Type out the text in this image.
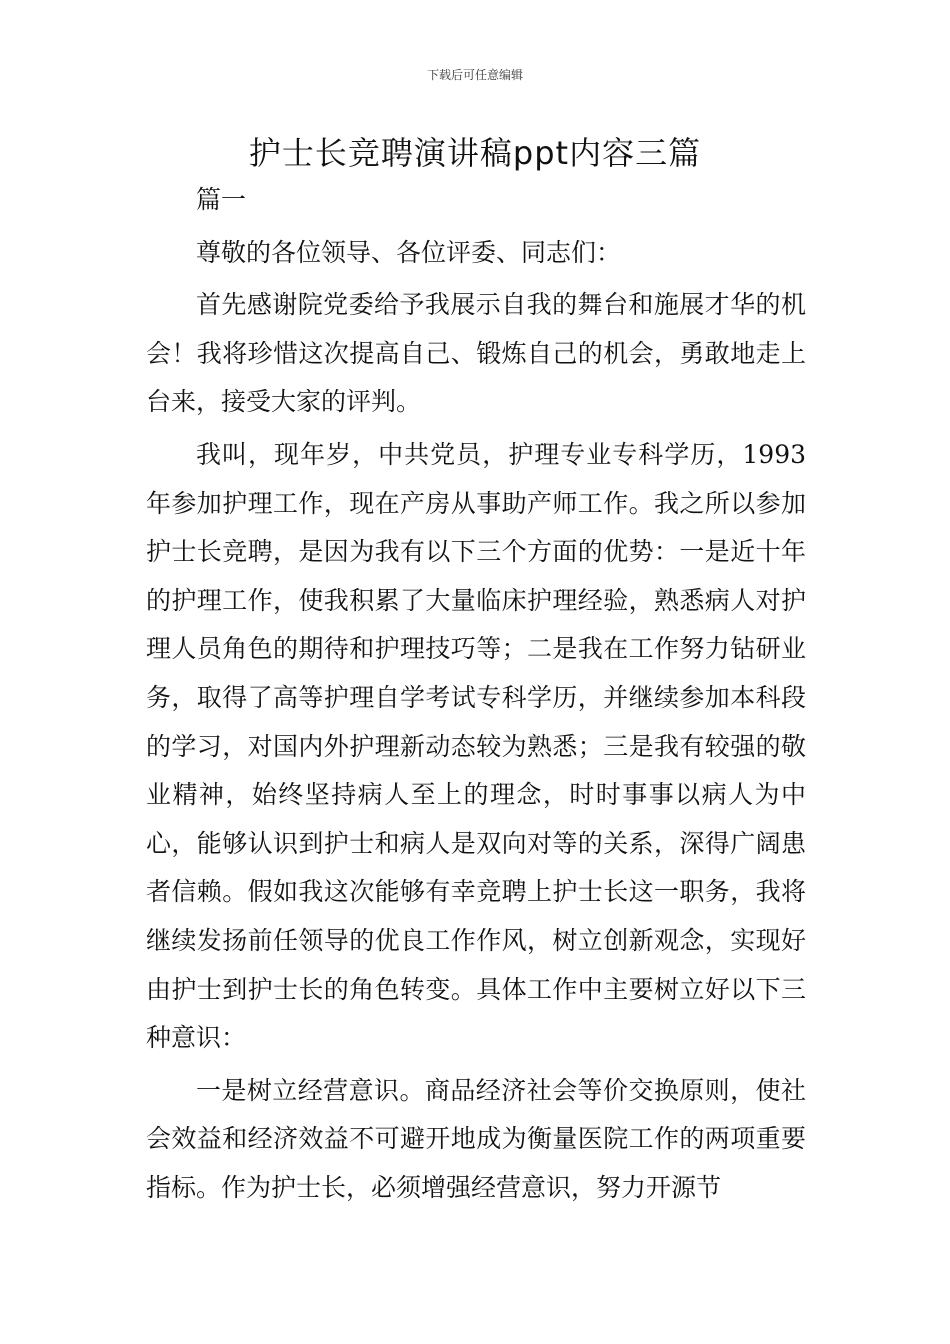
下载后可任意编辑
护士长竞聘演讲稿ppt内容三篇

篇一

尊敬的各位领导、各位评委、同志们：

首先感谢院党委给予我展示自我的舞台和施展才华的机会！我将珍惜这次提高自己、锻炼自己的机会，勇敢地走上台来，接受大家的评判。

我叫，现年岁，中共党员，护理专业专科学历，1993年参加护理工作，现在产房从事助产师工作。我之所以参加护士长竞聘，是因为我有以下三个方面的优势：一是近十年的护理工作，使我积累了大量临床护理经验，熟悉病人对护理人员角色的期待和护理技巧等；二是我在工作努力钻研业务，取得了高等护理自学考试专科学历，并继续参加本科段的学习，对国内外护理新动态较为熟悉；三是我有较强的敬业精神，始终坚持病人至上的理念，时时事事以病人为中心，能够认识到护士和病人是双向对等的关系，深得广阔患者信赖。假如我这次能够有幸竞聘上护士长这一职务，我将继续发扬前任领导的优良工作作风，树立创新观念，实现好由护士到护士长的角色转变。具体工作中主要树立好以下三种意识：

一是树立经营意识。商品经济社会等价交换原则，使社会效益和经济效益不可避开地成为衡量医院工作的两项重要指标。作为护士长，必须增强经营意识，努力开源节
